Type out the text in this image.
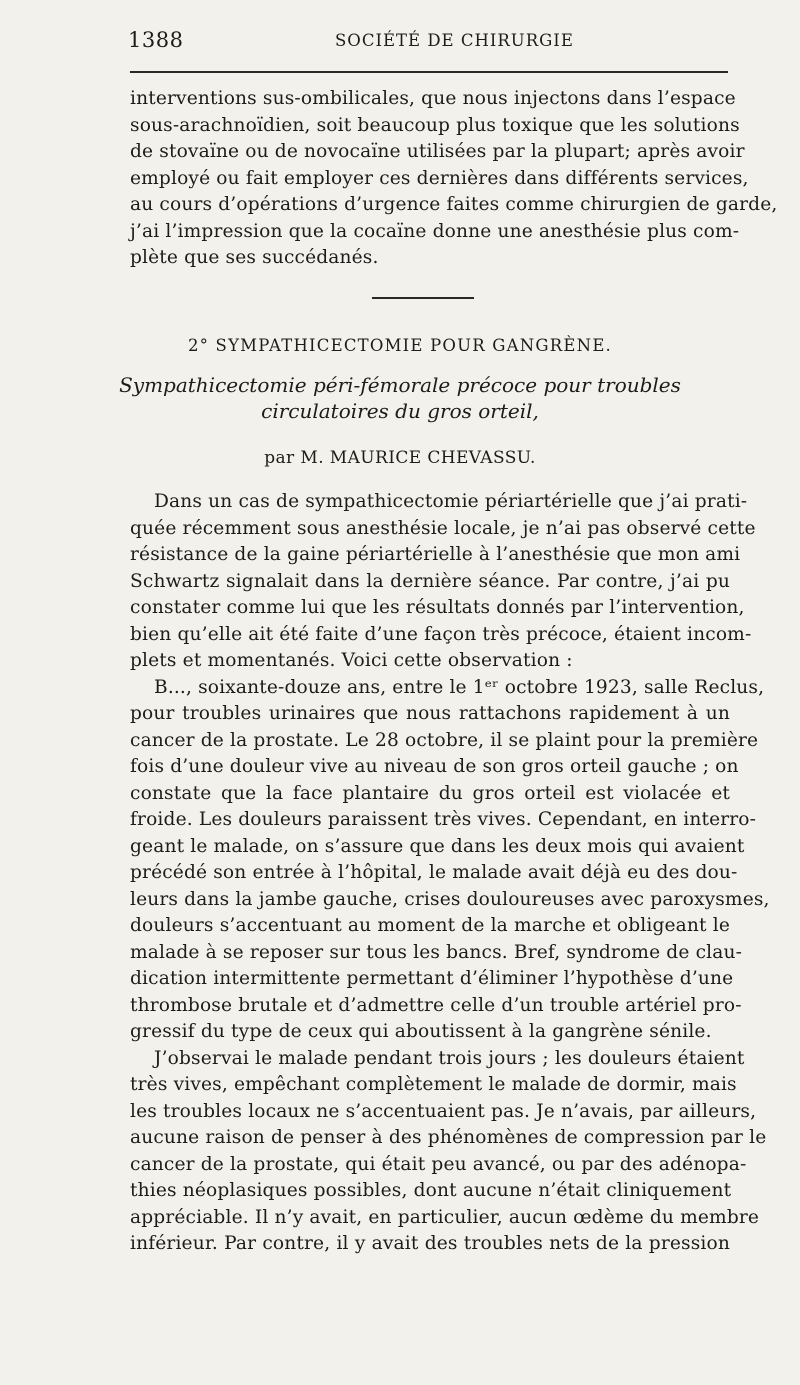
1388	SOCIÉTÉ DE CHIRURGIE
interventions sus-ombilicales, que nous injectons dans l’espace
sous-arachnoïdien, soit beaucoup plus toxique que les solutions
de stovaïne ou de novocaïne utilisées par la plupart; après avoir
employé ou fait employer ces dernières dans différents services,
au cours d’opérations d’urgence faites comme chirurgien de garde,
j’ai l’impression que la cocaïne donne une anesthésie plus com-
plète que ses succédanés.
2° SYMPATHICECTOMIE POUR GANGRÈNE.
Sympathicectomie péri-fémorale précoce pour troubles
circulatoires du gros orteil,
par M. MAURICE CHEVASSU.
Dans un cas de sympathicectomie périartérielle que j’ai prati-
quée récemment sous anesthésie locale, je n’ai pas observé cette
résistance de la gaine périartérielle à l’anesthésie que mon ami
Schwartz signalait dans la dernière séance. Par contre, j’ai pu
constater comme lui que les résultats donnés par l’intervention,
bien qu’elle ait été faite d’une façon très précoce, étaient incom-
plets et momentanés. Voici cette observation :
B..., soixante-douze ans, entre le 1ᵉʳ octobre 1923, salle Reclus,
pour troubles urinaires que nous rattachons rapidement à un
cancer de la prostate. Le 28 octobre, il se plaint pour la première
fois d’une douleur vive au niveau de son gros orteil gauche ; on
constate que la face plantaire du gros orteil est violacée et
froide. Les douleurs paraissent très vives. Cependant, en interro-
geant le malade, on s’assure que dans les deux mois qui avaient
précédé son entrée à l’hôpital, le malade avait déjà eu des dou-
leurs dans la jambe gauche, crises douloureuses avec paroxysmes,
douleurs s’accentuant au moment de la marche et obligeant le
malade à se reposer sur tous les bancs. Bref, syndrome de clau-
dication intermittente permettant d’éliminer l’hypothèse d’une
thrombose brutale et d’admettre celle d’un trouble artériel pro-
gressif du type de ceux qui aboutissent à la gangrène sénile.
J’observai le malade pendant trois jours ; les douleurs étaient
très vives, empêchant complètement le malade de dormir, mais
les troubles locaux ne s’accentuaient pas. Je n’avais, par ailleurs,
aucune raison de penser à des phénomènes de compression par le
cancer de la prostate, qui était peu avancé, ou par des adénopa-
thies néoplasiques possibles, dont aucune n’était cliniquement
appréciable. Il n’y avait, en particulier, aucun œdème du membre
inférieur. Par contre, il y avait des troubles nets de la pression
